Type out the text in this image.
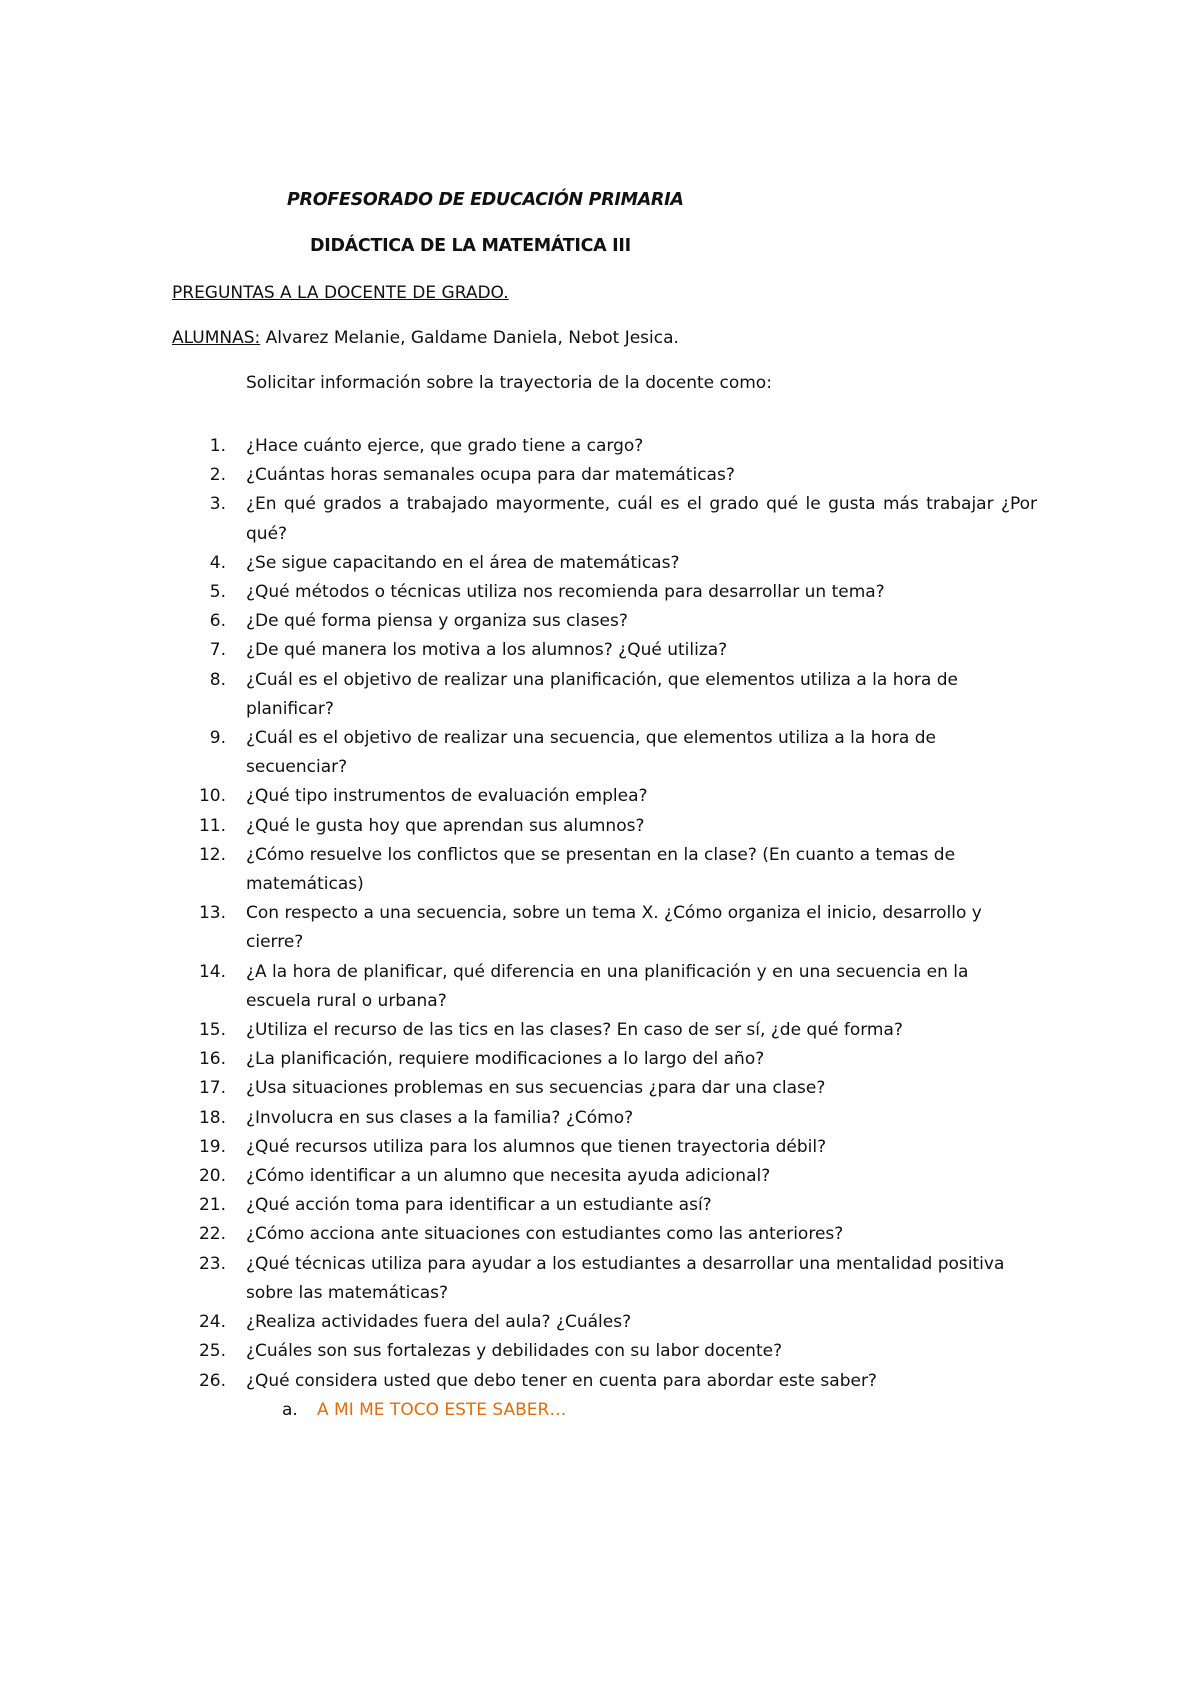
PROFESORADO DE EDUCACIÓN PRIMARIA
DIDÁCTICA DE LA MATEMÁTICA III
PREGUNTAS A LA DOCENTE DE GRADO.
ALUMNAS: Alvarez Melanie, Galdame Daniela, Nebot Jesica.
Solicitar información sobre la trayectoria de la docente como:
1. ¿Hace cuánto ejerce, que grado tiene a cargo?
2. ¿Cuántas horas semanales ocupa para dar matemáticas?
3. ¿En qué grados a trabajado mayormente, cuál es el grado qué le gusta más trabajar ¿Por qué?
4. ¿Se sigue capacitando en el área de matemáticas?
5. ¿Qué métodos o técnicas utiliza nos recomienda para desarrollar un tema?
6. ¿De qué forma piensa y organiza sus clases?
7. ¿De qué manera los motiva a los alumnos? ¿Qué utiliza?
8. ¿Cuál es el objetivo de realizar una planificación, que elementos utiliza a la hora de planificar?
9. ¿Cuál es el objetivo de realizar una secuencia, que elementos utiliza a la hora de secuenciar?
10. ¿Qué tipo instrumentos de evaluación emplea?
11. ¿Qué le gusta hoy que aprendan sus alumnos?
12. ¿Cómo resuelve los conflictos que se presentan en la clase? (En cuanto a temas de matemáticas)
13. Con respecto a una secuencia, sobre un tema X. ¿Cómo organiza el inicio, desarrollo y cierre?
14. ¿A la hora de planificar, qué diferencia en una planificación y en una secuencia en la escuela rural o urbana?
15. ¿Utiliza el recurso de las tics en las clases? En caso de ser sí, ¿de qué forma?
16. ¿La planificación, requiere modificaciones a lo largo del año?
17. ¿Usa situaciones problemas en sus secuencias ¿para dar una clase?
18. ¿Involucra en sus clases a la familia? ¿Cómo?
19. ¿Qué recursos utiliza para los alumnos que tienen trayectoria débil?
20. ¿Cómo identificar a un alumno que necesita ayuda adicional?
21. ¿Qué acción toma para identificar a un estudiante así?
22. ¿Cómo acciona ante situaciones con estudiantes como las anteriores?
23. ¿Qué técnicas utiliza para ayudar a los estudiantes a desarrollar una mentalidad positiva sobre las matemáticas?
24. ¿Realiza actividades fuera del aula? ¿Cuáles?
25. ¿Cuáles son sus fortalezas y debilidades con su labor docente?
26. ¿Qué considera usted que debo tener en cuenta para abordar este saber?
a. A MI ME TOCO ESTE SABER…
